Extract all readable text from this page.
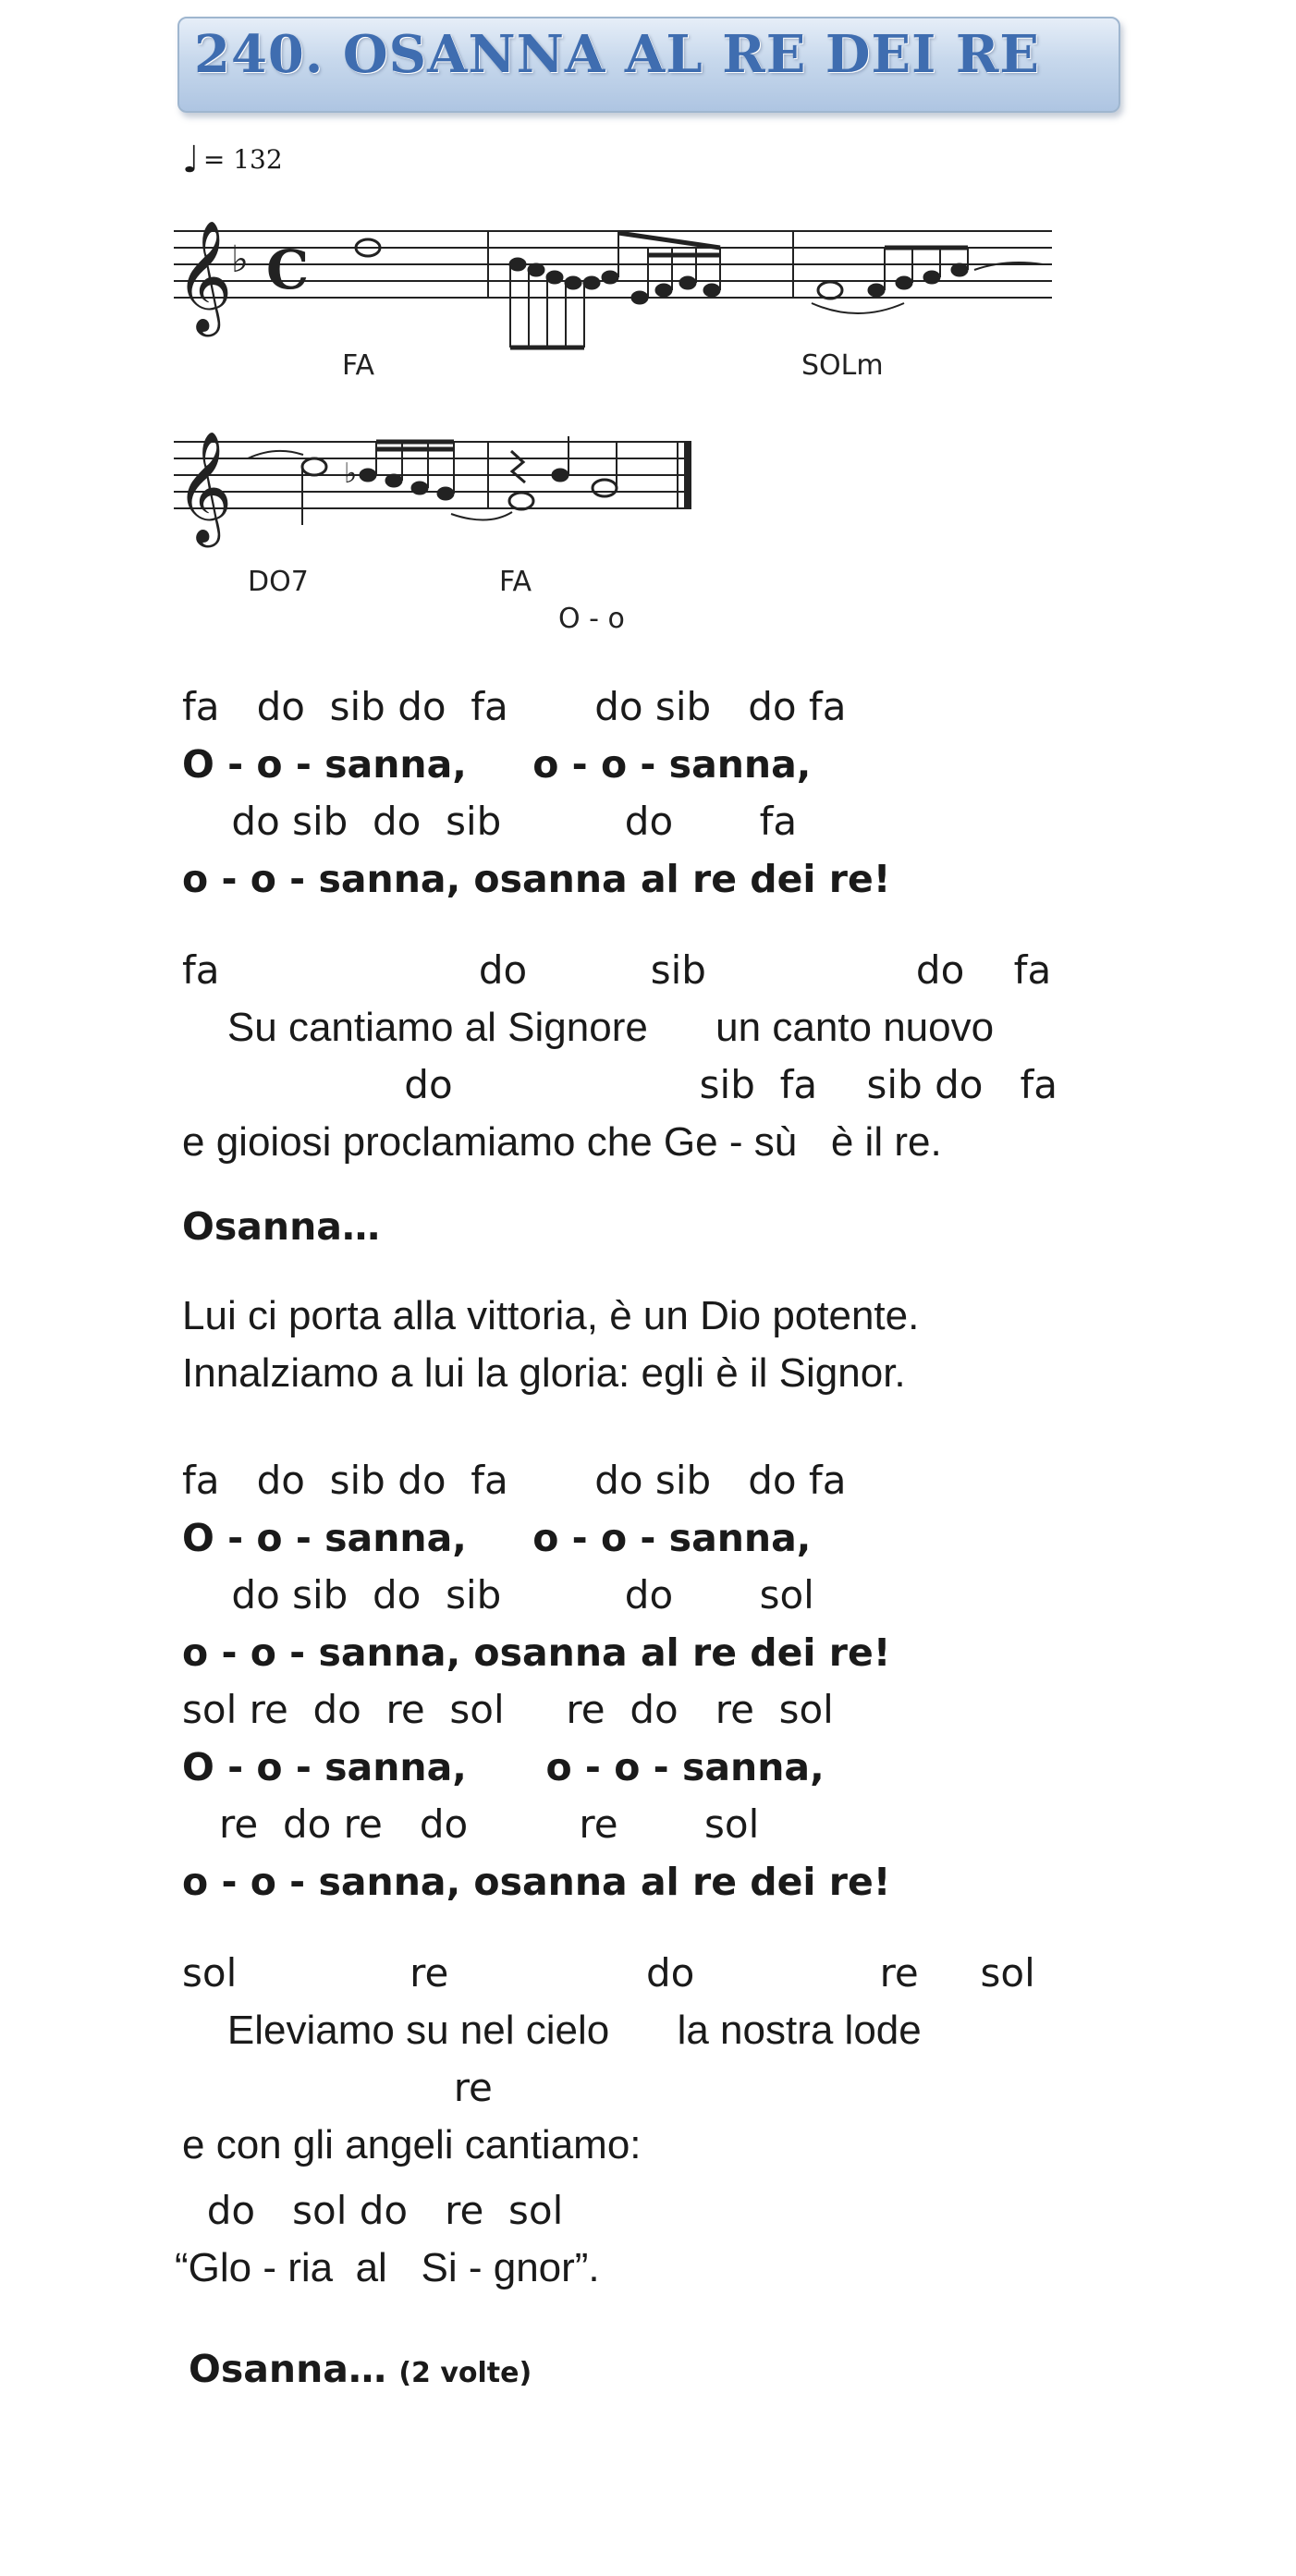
240. OSANNA AL RE DEI RE
♩ = 132
𝄞
♭ C
FA	SOLm
𝄞	♭
DO7	FA
O - o
fa   do  sib do  fa       do sib   do fa
O - o - sanna,     o - o - sanna,
do sib  do  sib          do       fa
o - o - sanna, osanna al re dei re!
fa                     do          sib                 do    fa
Su cantiamo al Signore      un canto nuovo
do                    sib  fa    sib do   fa
e gioiosi proclamiamo che Ge - sù   è il re.
Osanna…
Lui ci porta alla vittoria, è un Dio potente.
Innalziamo a lui la gloria: egli è il Signor.
fa   do  sib do  fa       do sib   do fa
O - o - sanna,     o - o - sanna,
do sib  do  sib          do       sol
o - o - sanna, osanna al re dei re!
sol re  do  re  sol     re  do   re  sol
O - o - sanna,      o - o - sanna,
re  do re   do         re       sol
o - o - sanna, osanna al re dei re!
sol              re                do               re     sol
Eleviamo su nel cielo      la nostra lode
re
e con gli angeli cantiamo:
do   sol do   re  sol
“Glo - ria  al   Si - gnor”.
Osanna… (2 volte)
